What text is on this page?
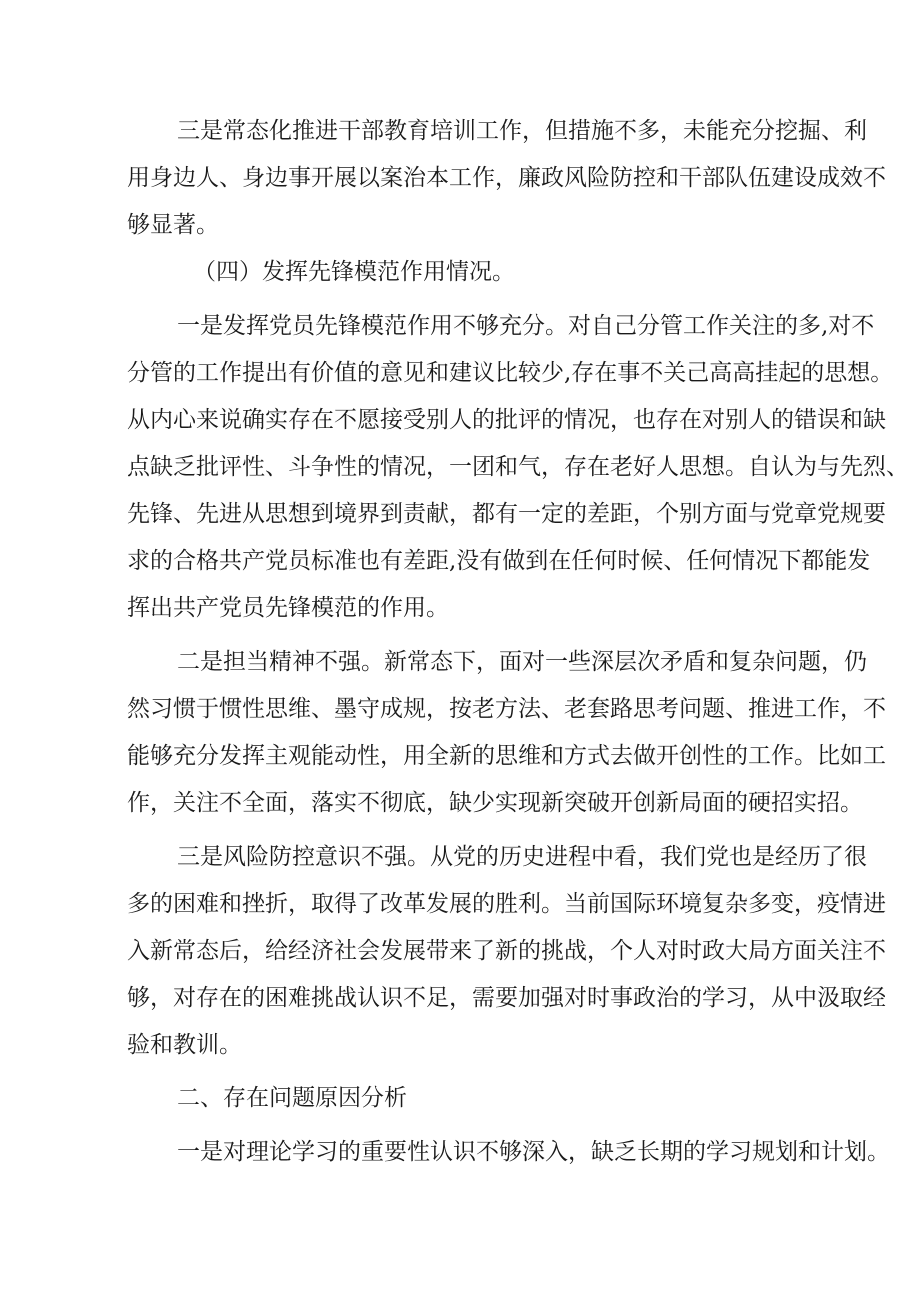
三是常态化推进干部教育培训工作，但措施不多，未能充分挖掘、利

用身边人、身边事开展以案治本工作，廉政风险防控和干部队伍建设成效不

够显著。

（四）发挥先锋模范作用情况。

一是发挥党员先锋模范作用不够充分。对自己分管工作关注的多,对不

分管的工作提出有价值的意见和建议比较少,存在事不关己高高挂起的思想。

从内心来说确实存在不愿接受别人的批评的情况，也存在对别人的错误和缺

点缺乏批评性、斗争性的情况，一团和气，存在老好人思想。自认为与先烈、

先锋、先进从思想到境界到责献，都有一定的差距，个别方面与党章党规要

求的合格共产党员标准也有差距,没有做到在任何时候、任何情况下都能发

挥出共产党员先锋模范的作用。

二是担当精神不强。新常态下，面对一些深层次矛盾和复杂问题，仍

然习惯于惯性思维、墨守成规，按老方法、老套路思考问题、推进工作，不

能够充分发挥主观能动性，用全新的思维和方式去做开创性的工作。比如工

作，关注不全面，落实不彻底，缺少实现新突破开创新局面的硬招实招。

三是风险防控意识不强。从党的历史进程中看，我们党也是经历了很

多的困难和挫折，取得了改革发展的胜利。当前国际环境复杂多变，疫情进

入新常态后，给经济社会发展带来了新的挑战，个人对时政大局方面关注不

够，对存在的困难挑战认识不足，需要加强对时事政治的学习，从中汲取经

验和教训。

二、存在问题原因分析

一是对理论学习的重要性认识不够深入，缺乏长期的学习规划和计划。
